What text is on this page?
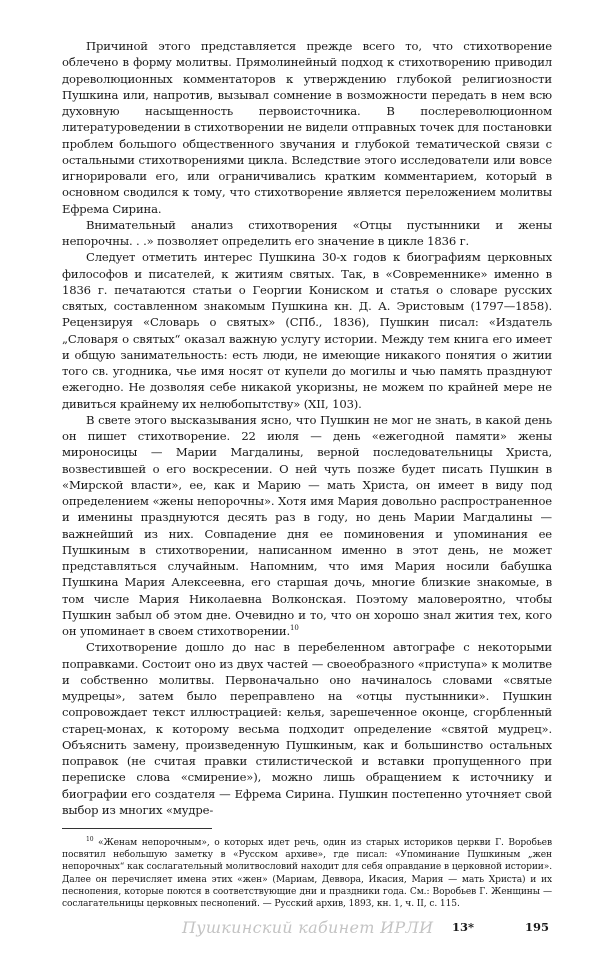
Причиной этого представляется прежде всего то, что стихотворение облечено в форму молитвы. Прямолинейный подход к стихотворению приводил дореволюционных комментаторов к утверждению глубокой религиозности Пушкина или, напротив, вызывал сомнение в возможности передать в нем всю духовную насыщенность первоисточника. В послереволюционном литературоведении в стихотворении не видели отправных точек для постановки проблем большого общественного звучания и глубокой тематической связи с остальными стихотворениями цикла. Вследствие этого исследователи или вовсе игнорировали его, или ограничивались кратким комментарием, который в основном сводился к тому, что стихотворение является переложением молитвы Ефрема Сирина.

Внимательный анализ стихотворения «Отцы пустынники и жены непорочны. . .» позволяет определить его значение в цикле 1836 г.

Следует отметить интерес Пушкина 30-х годов к биографиям церковных философов и писателей, к житиям святых. Так, в «Современнике» именно в 1836 г. печатаются статьи о Георгии Кониском и статья о словаре русских святых, составленном знакомым Пушкина кн. Д. А. Эристовым (1797—1858). Рецензируя «Словарь о святых» (СПб., 1836), Пушкин писал: «Издатель „Словаря о святых“ оказал важную услугу истории. Между тем книга его имеет и общую занимательность: есть люди, не имеющие никакого понятия о житии того св. угодника, чье имя носят от купели до могилы и чью память празднуют ежегодно. Не дозволяя себе никакой укоризны, не можем по крайней мере не дивиться крайнему их нелюбопытству» (XII, 103).

В свете этого высказывания ясно, что Пушкин не мог не знать, в какой день он пишет стихотворение. 22 июля — день «ежегодной памяти» жены мироносицы — Марии Магдалины, верной последовательницы Христа, возвестившей о его воскресении. О ней чуть позже будет писать Пушкин в «Мирской власти», ее, как и Марию — мать Христа, он имеет в виду под определением «жены непорочны». Хотя имя Мария довольно распространенное и именины празднуются десять раз в году, но день Марии Магдалины — важнейший из них. Совпадение дня ее поминовения и упоминания ее Пушкиным в стихотворении, написанном именно в этот день, не может представляться случайным. Напомним, что имя Мария носили бабушка Пушкина Мария Алексеевна, его старшая дочь, многие близкие знакомые, в том числе Мария Николаевна Волконская. Поэтому маловероятно, чтобы Пушкин забыл об этом дне. Очевидно и то, что он хорошо знал жития тех, кого он упоминает в своем стихотворении.$^{10}$

Стихотворение дошло до нас в перебеленном автографе с некоторыми поправками. Состоит оно из двух частей — своеобразного «приступа» к молитве и собственно молитвы. Первоначально оно начиналось словами «святые мудрецы», затем было переправлено на «отцы пустынники». Пушкин сопровождает текст иллюстрацией: келья, зарешеченное оконце, сгорбленный старец-монах, к которому весьма подходит определение «святой мудрец». Объяснить замену, произведенную Пушкиным, как и большинство остальных поправок (не считая правки стилистической и вставки пропущенного при переписке слова «смирение»), можно лишь обращением к источнику и биографии его создателя — Ефрема Сирина. Пушкин постепенно уточняет свой выбор из многих «мудре-

$^{10}$ «Женам непорочным», о которых идет речь, один из старых историков церкви Г. Воробьев посвятил небольшую заметку в «Русском архиве», где писал: «Упоминание Пушкиным „жен непорочных“ как сослагательный молитвословий находит для себя оправдание в церковной истории». Далее он перечисляет имена этих «жен» (Мариам, Деввора, Икасия, Мария — мать Христа) и их песнопения, которые поются в соответствующие дни и праздники года. См.: Воробьев Г. Женщины — сослагательницы церковных песнопений. — Русский архив, 1893, кн. 1, ч. II, с. 115.

Пушкинский кабинет ИРЛИ 13*	195
